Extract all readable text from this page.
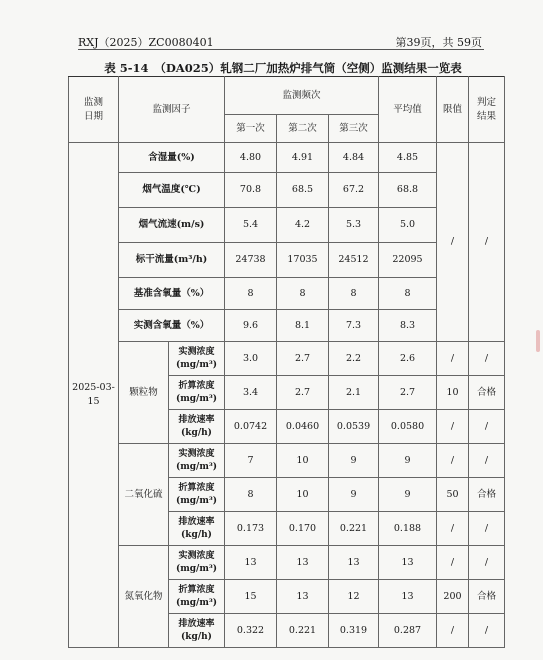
RXJ（2025）ZC0080401	第39页，共 59页
表 5-14　（DA025）轧钢二厂加热炉排气筒（空侧）监测结果一览表
监测
日期	监测因子		监测频次			平均值	限值	判定
结果
			第一次	第二次	第三次			
2025-03-15	含湿量(%)		4.80	4.91	4.84	4.85	/	/
	烟气温度(℃)		70.8	68.5	67.2	68.8		
	烟气流速(m/s)		5.4	4.2	5.3	5.0		
	标干流量(m³/h)		24738	17035	24512	22095		
	基准含氧量（%）		8	8	8	8		
	实测含氧量（%）		9.6	8.1	7.3	8.3		
	颗粒物	实测浓度
(mg/m³)	3.0	2.7	2.2	2.6	/	/
		折算浓度
(mg/m³)	3.4	2.7	2.1	2.7	10	合格
		排放速率
(kg/h)	0.0742	0.0460	0.0539	0.0580	/	/
	二氧化硫	实测浓度
(mg/m³)	7	10	9	9	/	/
		折算浓度
(mg/m³)	8	10	9	9	50	合格
		排放速率
(kg/h)	0.173	0.170	0.221	0.188	/	/
	氮氧化物	实测浓度
(mg/m³)	13	13	13	13	/	/
		折算浓度
(mg/m³)	15	13	12	13	200	合格
		排放速率
(kg/h)	0.322	0.221	0.319	0.287	/	/
